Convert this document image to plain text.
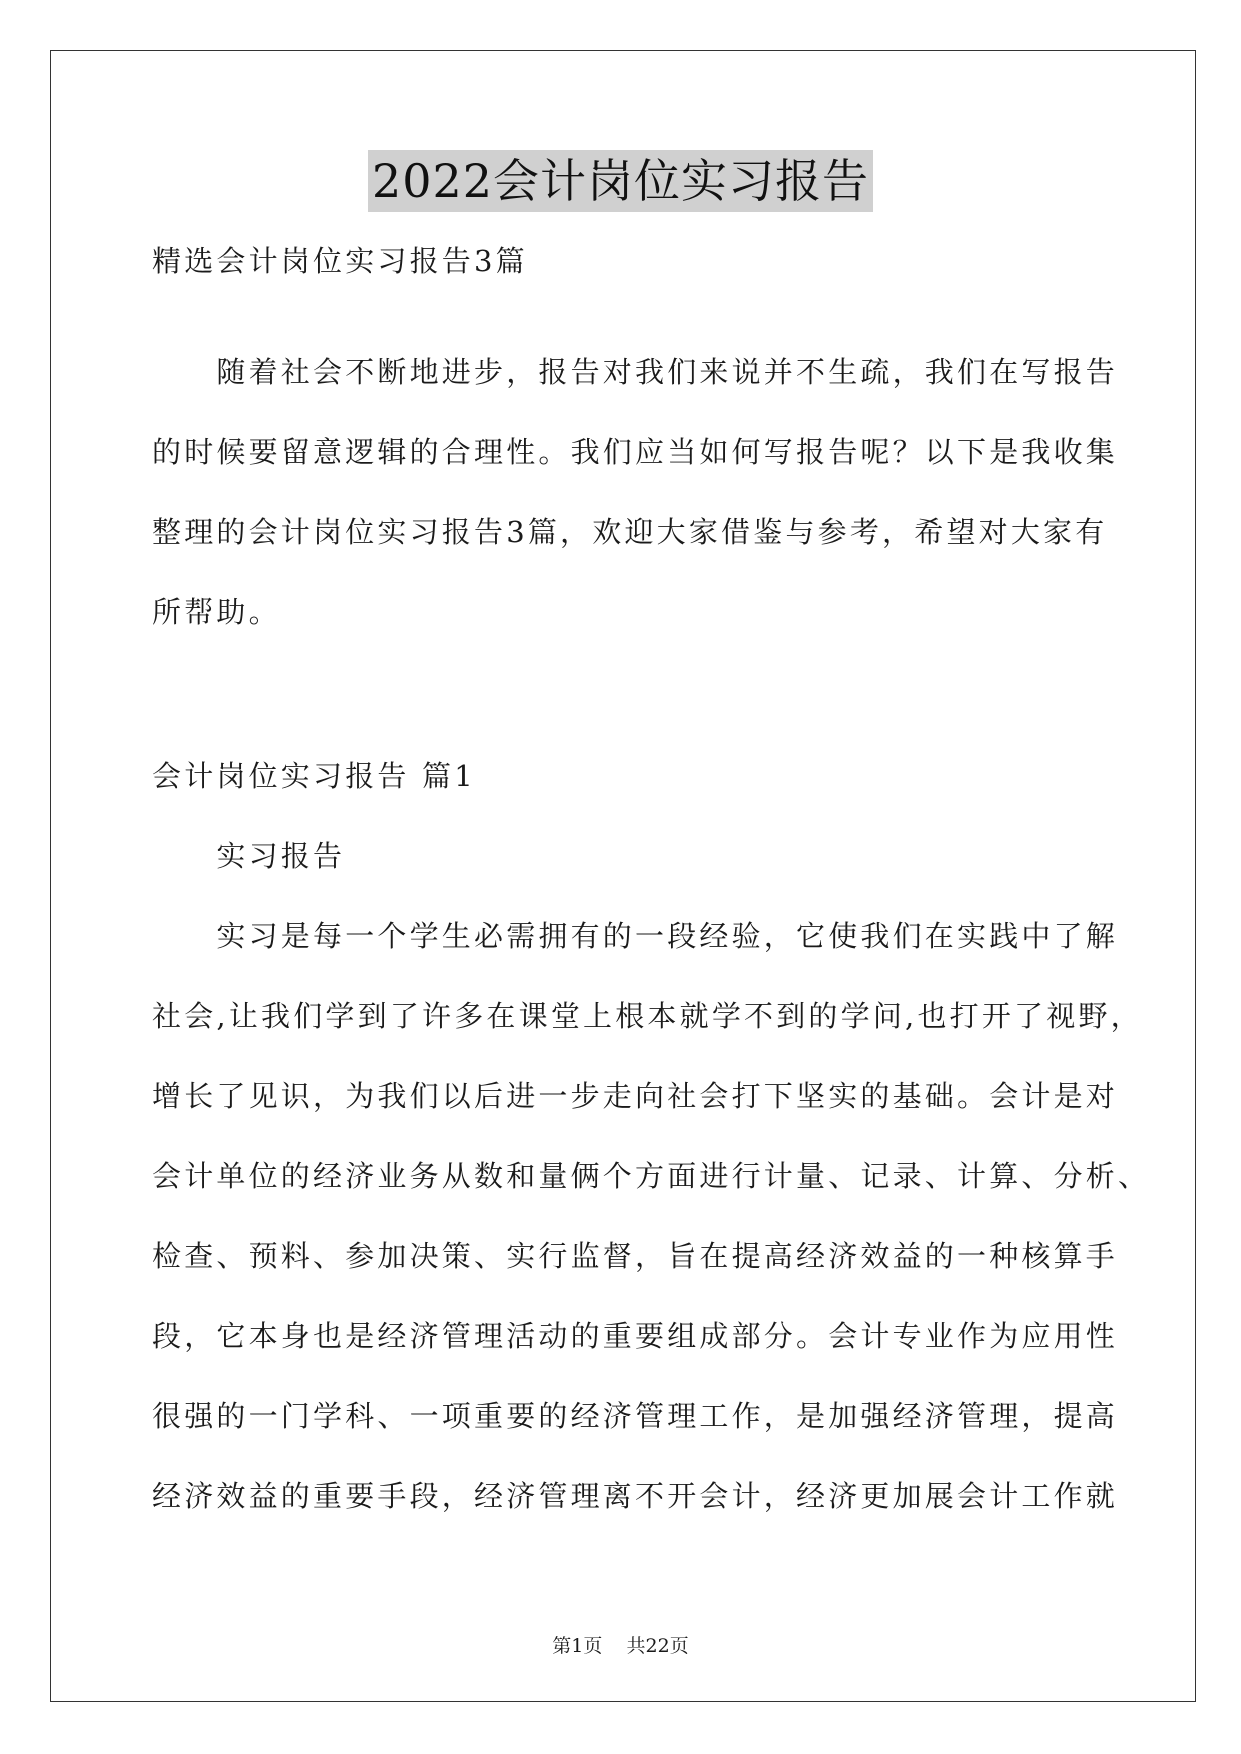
2022会计岗位实习报告
精选会计岗位实习报告3篇
　　随着社会不断地进步，报告对我们来说并不生疏，我们在写报告
的时候要留意逻辑的合理性。我们应当如何写报告呢？以下是我收集
整理的会计岗位实习报告3篇，欢迎大家借鉴与参考，希望对大家有
所帮助。
会计岗位实习报告 篇1
　　实习报告
　　实习是每一个学生必需拥有的一段经验，它使我们在实践中了解
社会,让我们学到了许多在课堂上根本就学不到的学问,也打开了视野，
增长了见识，为我们以后进一步走向社会打下坚实的基础。会计是对
会计单位的经济业务从数和量俩个方面进行计量、记录、计算、分析、
检查、预料、参加决策、实行监督，旨在提高经济效益的一种核算手
段，它本身也是经济管理活动的重要组成部分。会计专业作为应用性
很强的一门学科、一项重要的经济管理工作，是加强经济管理，提高
经济效益的重要手段，经济管理离不开会计，经济更加展会计工作就
第1页 共22页
